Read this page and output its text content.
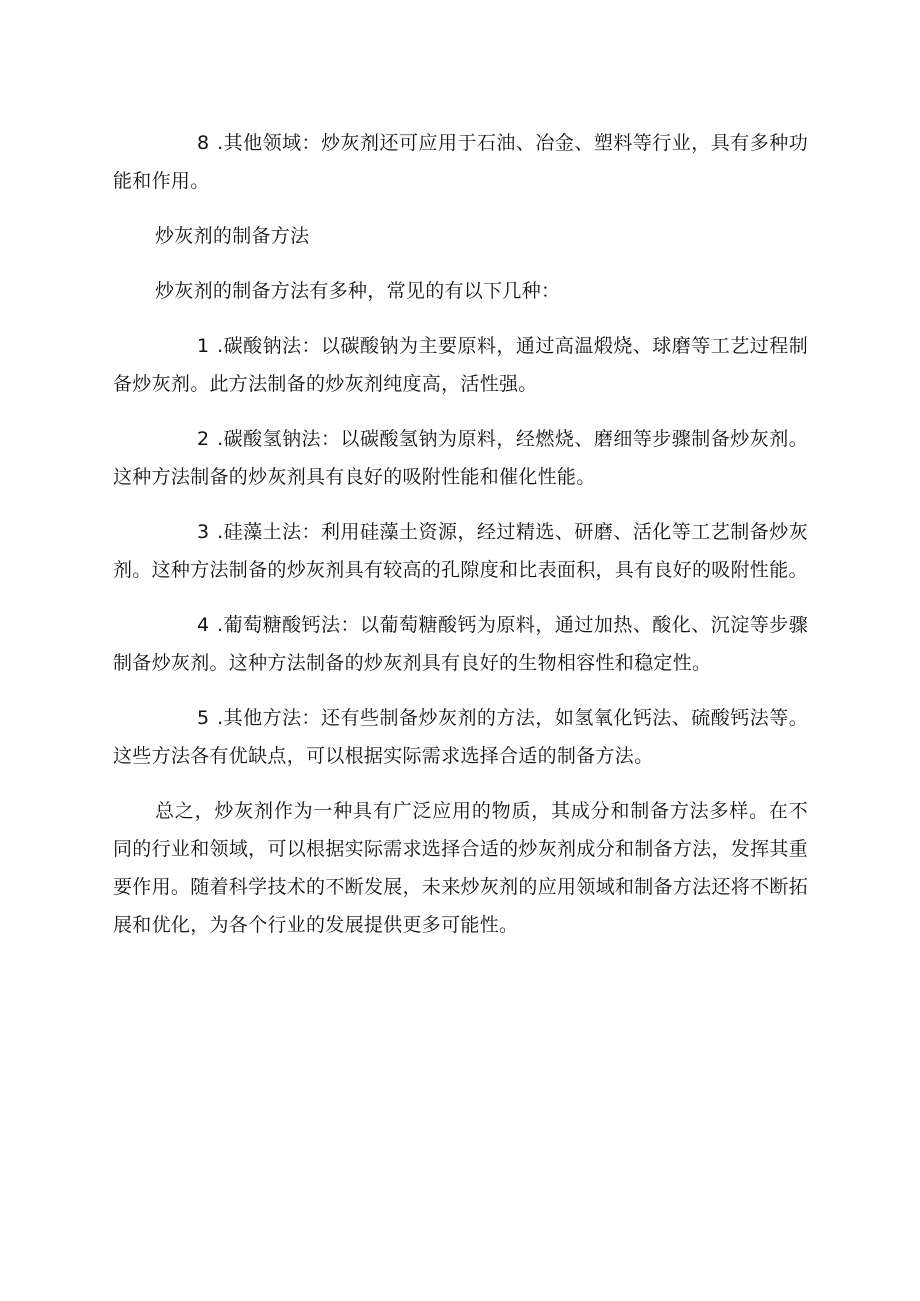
8 .其他领域：炒灰剂还可应用于石油、冶金、塑料等行业，具有多种功能和作用。

炒灰剂的制备方法

炒灰剂的制备方法有多种，常见的有以下几种：

1 .碳酸钠法：以碳酸钠为主要原料，通过高温煅烧、球磨等工艺过程制备炒灰剂。此方法制备的炒灰剂纯度高，活性强。

2 .碳酸氢钠法：以碳酸氢钠为原料，经燃烧、磨细等步骤制备炒灰剂。这种方法制备的炒灰剂具有良好的吸附性能和催化性能。

3 .硅藻土法：利用硅藻土资源，经过精选、研磨、活化等工艺制备炒灰剂。这种方法制备的炒灰剂具有较高的孔隙度和比表面积，具有良好的吸附性能。

4 .葡萄糖酸钙法：以葡萄糖酸钙为原料，通过加热、酸化、沉淀等步骤制备炒灰剂。这种方法制备的炒灰剂具有良好的生物相容性和稳定性。

5 .其他方法：还有些制备炒灰剂的方法，如氢氧化钙法、硫酸钙法等。这些方法各有优缺点，可以根据实际需求选择合适的制备方法。

总之，炒灰剂作为一种具有广泛应用的物质，其成分和制备方法多样。在不同的行业和领域，可以根据实际需求选择合适的炒灰剂成分和制备方法，发挥其重要作用。随着科学技术的不断发展，未来炒灰剂的应用领域和制备方法还将不断拓展和优化，为各个行业的发展提供更多可能性。
